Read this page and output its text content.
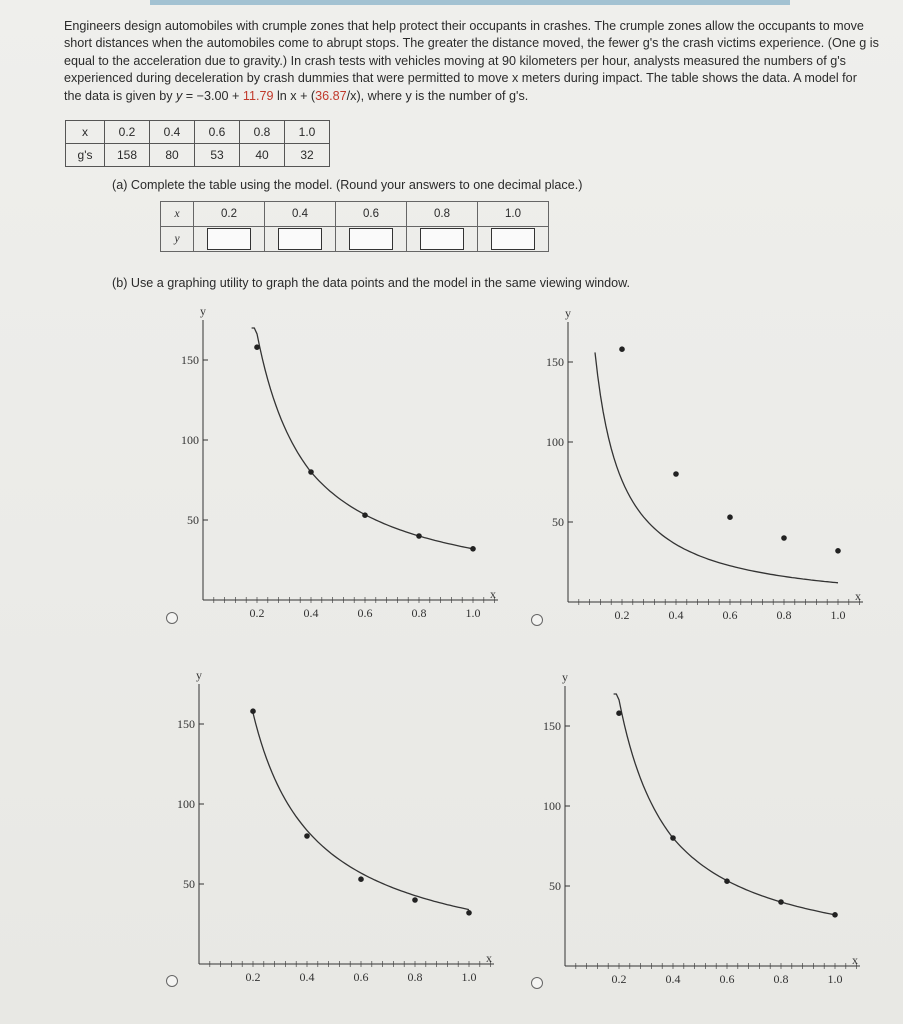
Engineers design automobiles with crumple zones that help protect their occupants in crashes. The crumple zones allow the occupants to move
short distances when the automobiles come to abrupt stops. The greater the distance moved, the fewer g's the crash victims experience. (One g is
equal to the acceleration due to gravity.) In crash tests with vehicles moving at 90 kilometers per hour, analysts measured the numbers of g's
experienced during deceleration by crash dummies that were permitted to move x meters during impact. The table shows the data. A model for
the data is given by y = −3.00 + 11.79 ln x + (36.87/x), where y is the number of g's.
x	0.2	0.4	0.6	0.8	1.0
g's	158	80	53	40	32
(a) Complete the table using the model. (Round your answers to one decimal place.)
x	0.2	0.4	0.6	0.8	1.0
y					
(b) Use a graphing utility to graph the data points and the model in the same viewing window.
150
100
50
0.2	0.4	0.6	0.8	1.0
y
x
150
100
50
0.2	0.4	0.6	0.8	1.0
y
x
150
100
50
0.2	0.4	0.6	0.8	1.0
y
x
150
100
50
0.2	0.4	0.6	0.8	1.0
y
x
